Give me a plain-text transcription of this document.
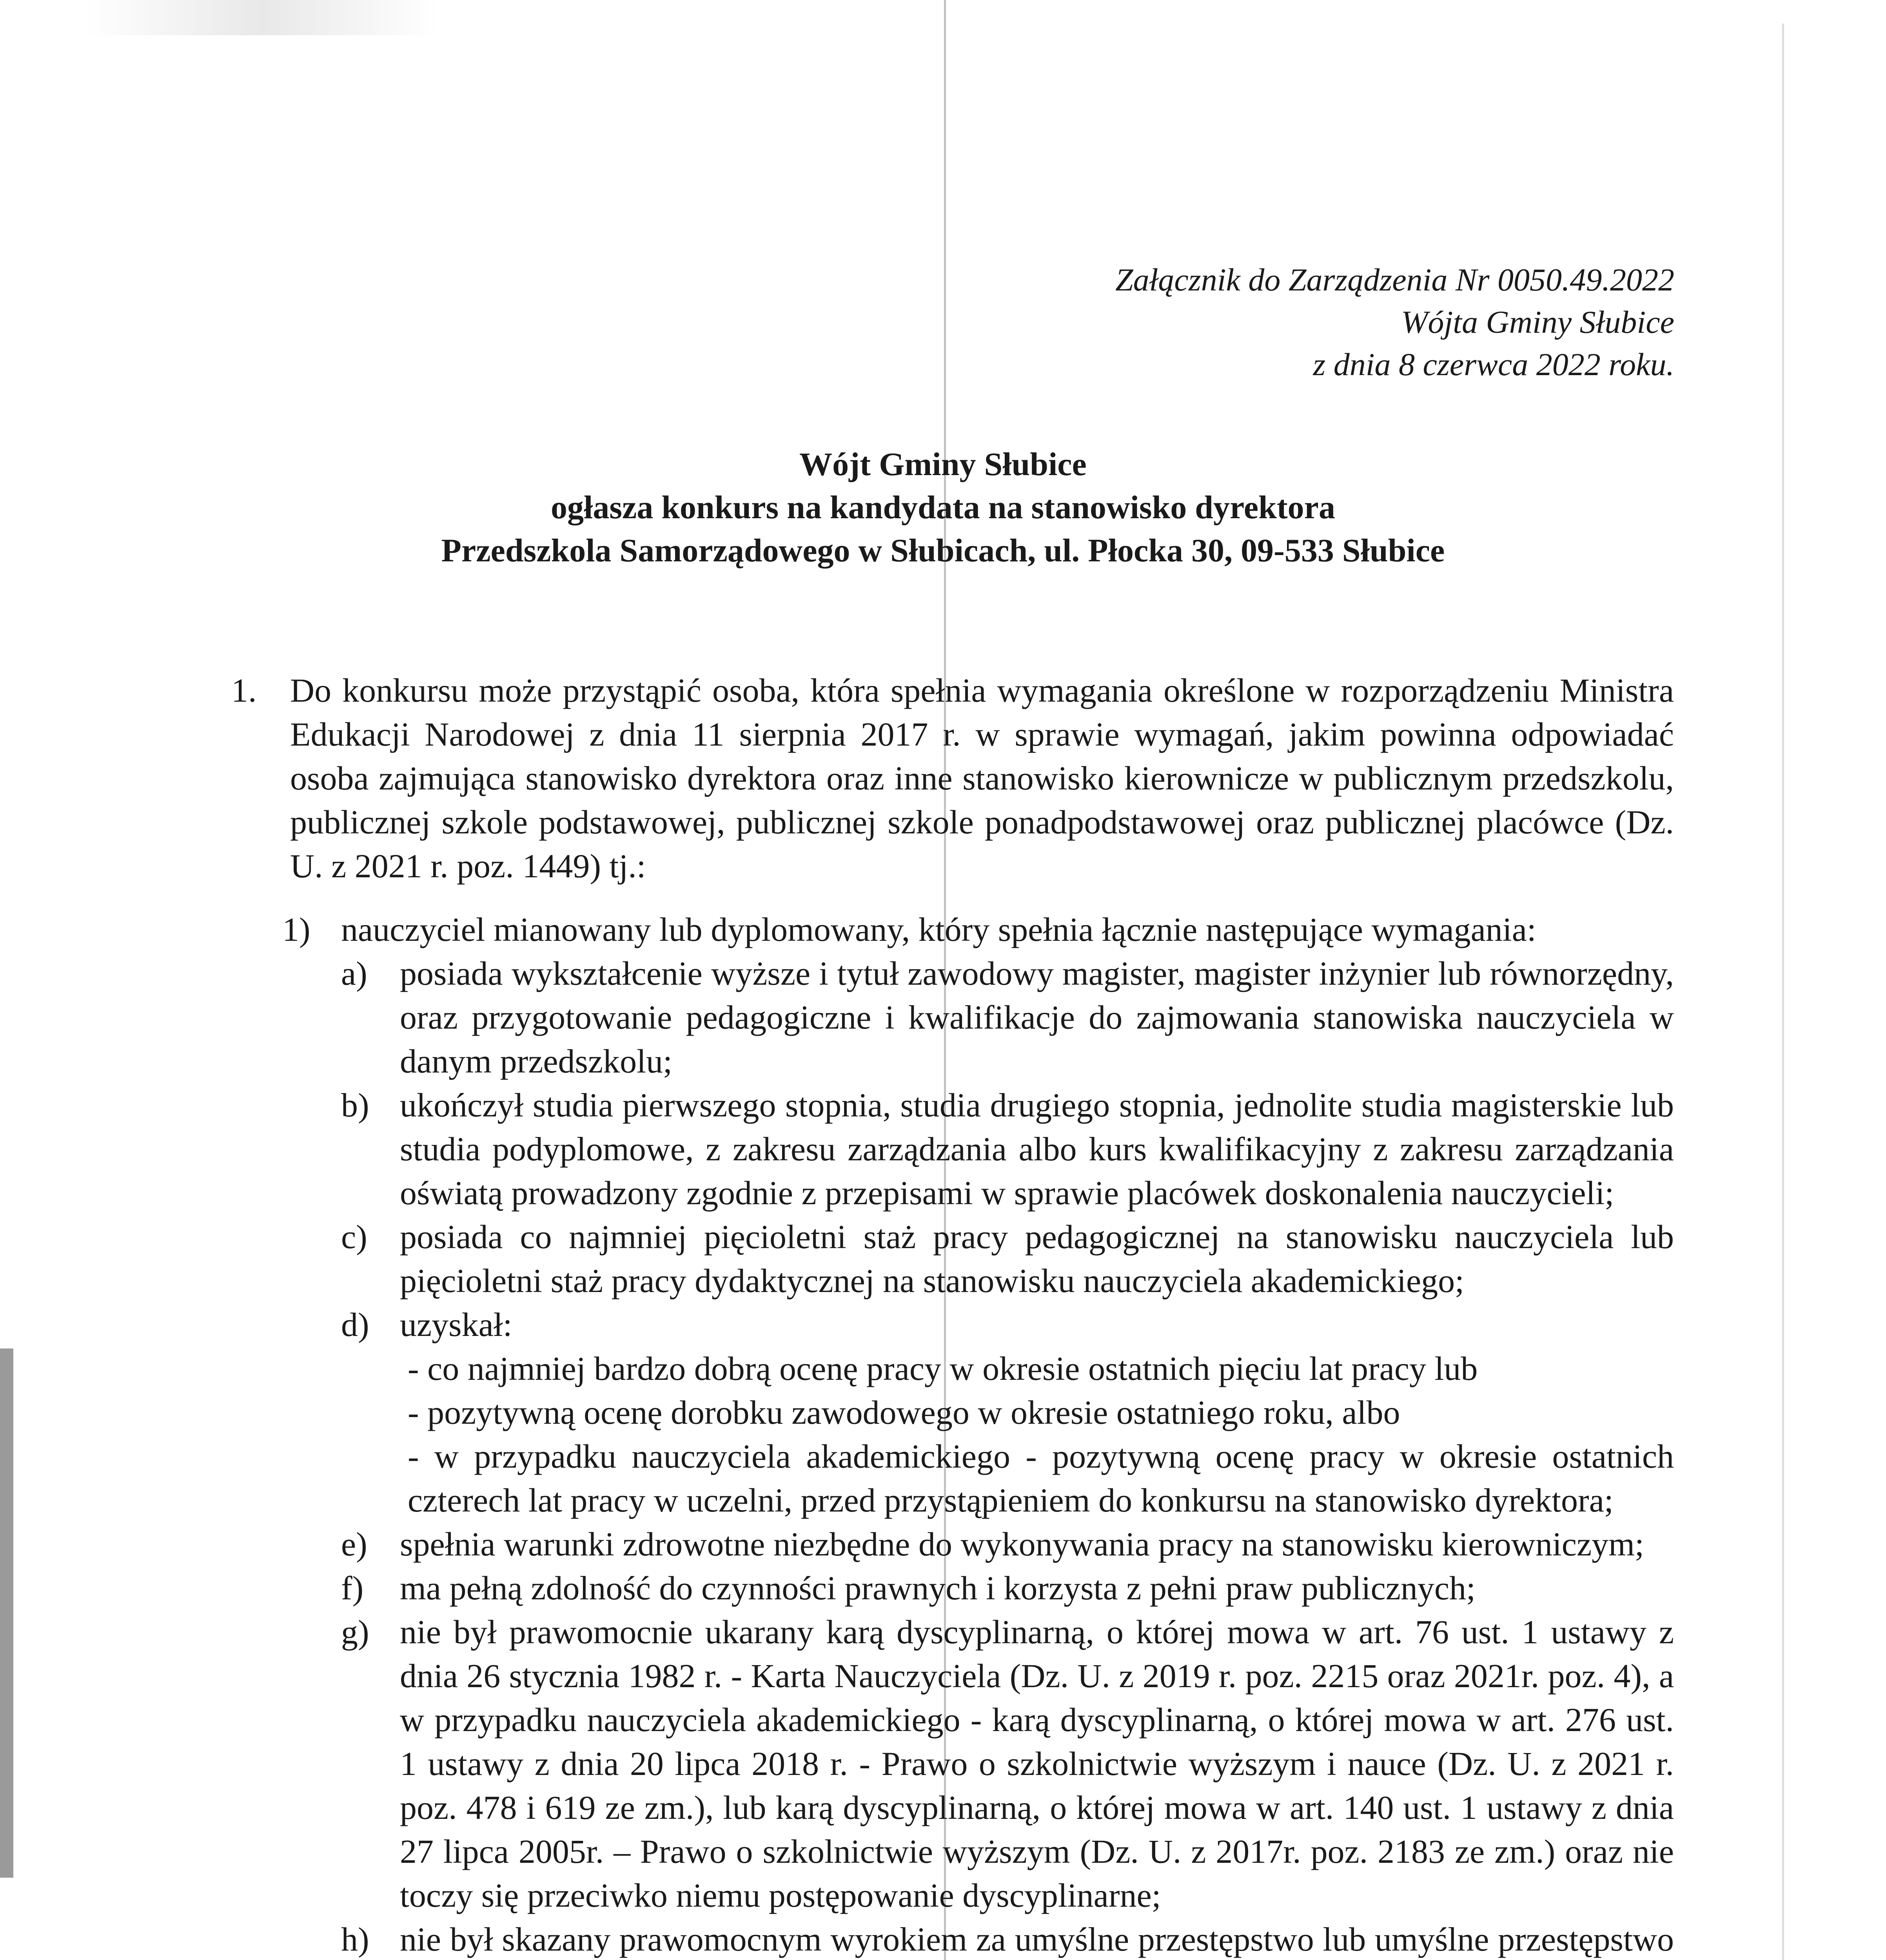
Załącznik do Zarządzenia Nr 0050.49.2022
Wójta Gminy Słubice
z dnia 8 czerwca 2022 roku.
Wójt Gminy Słubice
ogłasza konkurs na kandydata na stanowisko dyrektora
Przedszkola Samorządowego w Słubicach, ul. Płocka 30, 09-533 Słubice
1. Do konkursu może przystąpić osoba, która spełnia wymagania określone w rozporządzeniu Ministra Edukacji Narodowej z dnia 11 sierpnia 2017 r. w sprawie wymagań, jakim powinna odpowiadać osoba zajmująca stanowisko dyrektora oraz inne stanowisko kierownicze w publicznym przedszkolu, publicznej szkole podstawowej, publicznej szkole ponadpodstawowej oraz publicznej placówce (Dz. U. z 2021 r. poz. 1449) tj.:
1) nauczyciel mianowany lub dyplomowany, który spełnia łącznie następujące wymagania:
a) posiada wykształcenie wyższe i tytuł zawodowy magister, magister inżynier lub równorzędny, oraz przygotowanie pedagogiczne i kwalifikacje do zajmowania stanowiska nauczyciela w danym przedszkolu;
b) ukończył studia pierwszego stopnia, studia drugiego stopnia, jednolite studia magisterskie lub studia podyplomowe, z zakresu zarządzania albo kurs kwalifikacyjny z zakresu zarządzania oświatą prowadzony zgodnie z przepisami w sprawie placówek doskonalenia nauczycieli;
c) posiada co najmniej pięcioletni staż pracy pedagogicznej na stanowisku nauczyciela lub pięcioletni staż pracy dydaktycznej na stanowisku nauczyciela akademickiego;
d) uzyskał:
- co najmniej bardzo dobrą ocenę pracy w okresie ostatnich pięciu lat pracy lub
- pozytywną ocenę dorobku zawodowego w okresie ostatniego roku, albo
- w przypadku nauczyciela akademickiego - pozytywną ocenę pracy w okresie ostatnich czterech lat pracy w uczelni, przed przystąpieniem do konkursu na stanowisko dyrektora;
e) spełnia warunki zdrowotne niezbędne do wykonywania pracy na stanowisku kierowniczym;
f) ma pełną zdolność do czynności prawnych i korzysta z pełni praw publicznych;
g) nie był prawomocnie ukarany karą dyscyplinarną, o której mowa w art. 76 ust. 1 ustawy z dnia 26 stycznia 1982 r. - Karta Nauczyciela (Dz. U. z 2019 r. poz. 2215 oraz 2021r. poz. 4), a w przypadku nauczyciela akademickiego - karą dyscyplinarną, o której mowa w art. 276 ust. 1 ustawy z dnia 20 lipca 2018 r. - Prawo o szkolnictwie wyższym i nauce (Dz. U. z 2021 r. poz. 478 i 619 ze zm.), lub karą dyscyplinarną, o której mowa w art. 140 ust. 1 ustawy z dnia 27 lipca 2005r. – Prawo o szkolnictwie wyższym (Dz. U. z 2017r. poz. 2183 ze zm.) oraz nie toczy się przeciwko niemu postępowanie dyscyplinarne;
h) nie był skazany prawomocnym wyrokiem za umyślne przestępstwo lub umyślne przestępstwo
